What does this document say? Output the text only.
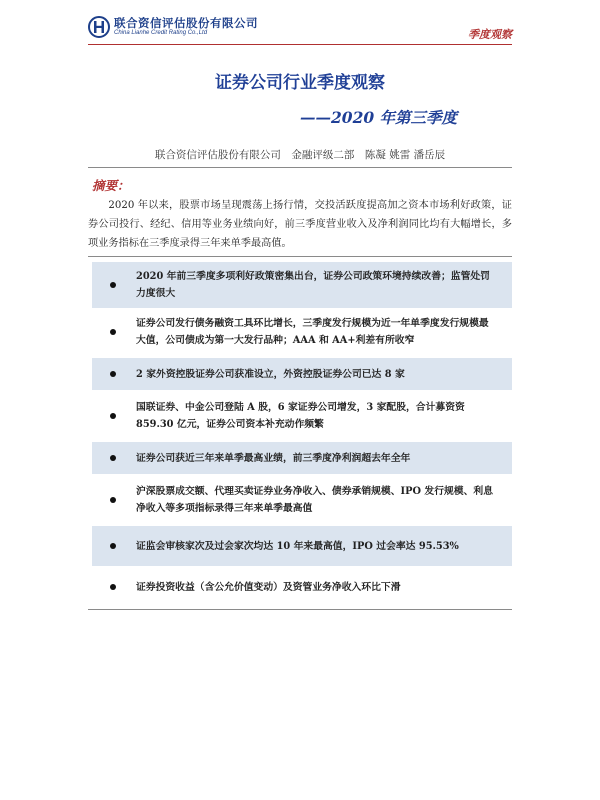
联合资信评估股份有限公司
China Lianhe Credit Rating Co.,Ltd	季度观察
证券公司行业季度观察
——2020 年第三季度
联合资信评估股份有限公司　金融评级二部　陈凝 姚雷 潘岳辰
摘要：
2020 年以来，股票市场呈现震荡上扬行情，交投活跃度提高加之资本市场利好政策，证券公司投行、经纪、信用等业务业绩向好，前三季度营业收入及净利润同比均有大幅增长，多项业务指标在三季度录得三年来单季最高值。
2020 年前三季度多项利好政策密集出台，证券公司政策环境持续改善；监管处罚力度很大
证券公司发行债务融资工具环比增长，三季度发行规模为近一年单季度发行规模最大值，公司债成为第一大发行品种；AAA 和 AA+利差有所收窄
2 家外资控股证券公司获准设立，外资控股证券公司已达 8 家
国联证券、中金公司登陆 A 股，6 家证券公司增发，3 家配股，合计募资资 859.30 亿元，证券公司资本补充动作频繁
证券公司获近三年来单季最高业绩，前三季度净利润超去年全年
沪深股票成交额、代理买卖证券业务净收入、债券承销规模、IPO 发行规模、利息净收入等多项指标录得三年来单季最高值
证监会审核家次及过会家次均达 10 年来最高值，IPO 过会率达 95.53%
证券投资收益（含公允价值变动）及资管业务净收入环比下滑
